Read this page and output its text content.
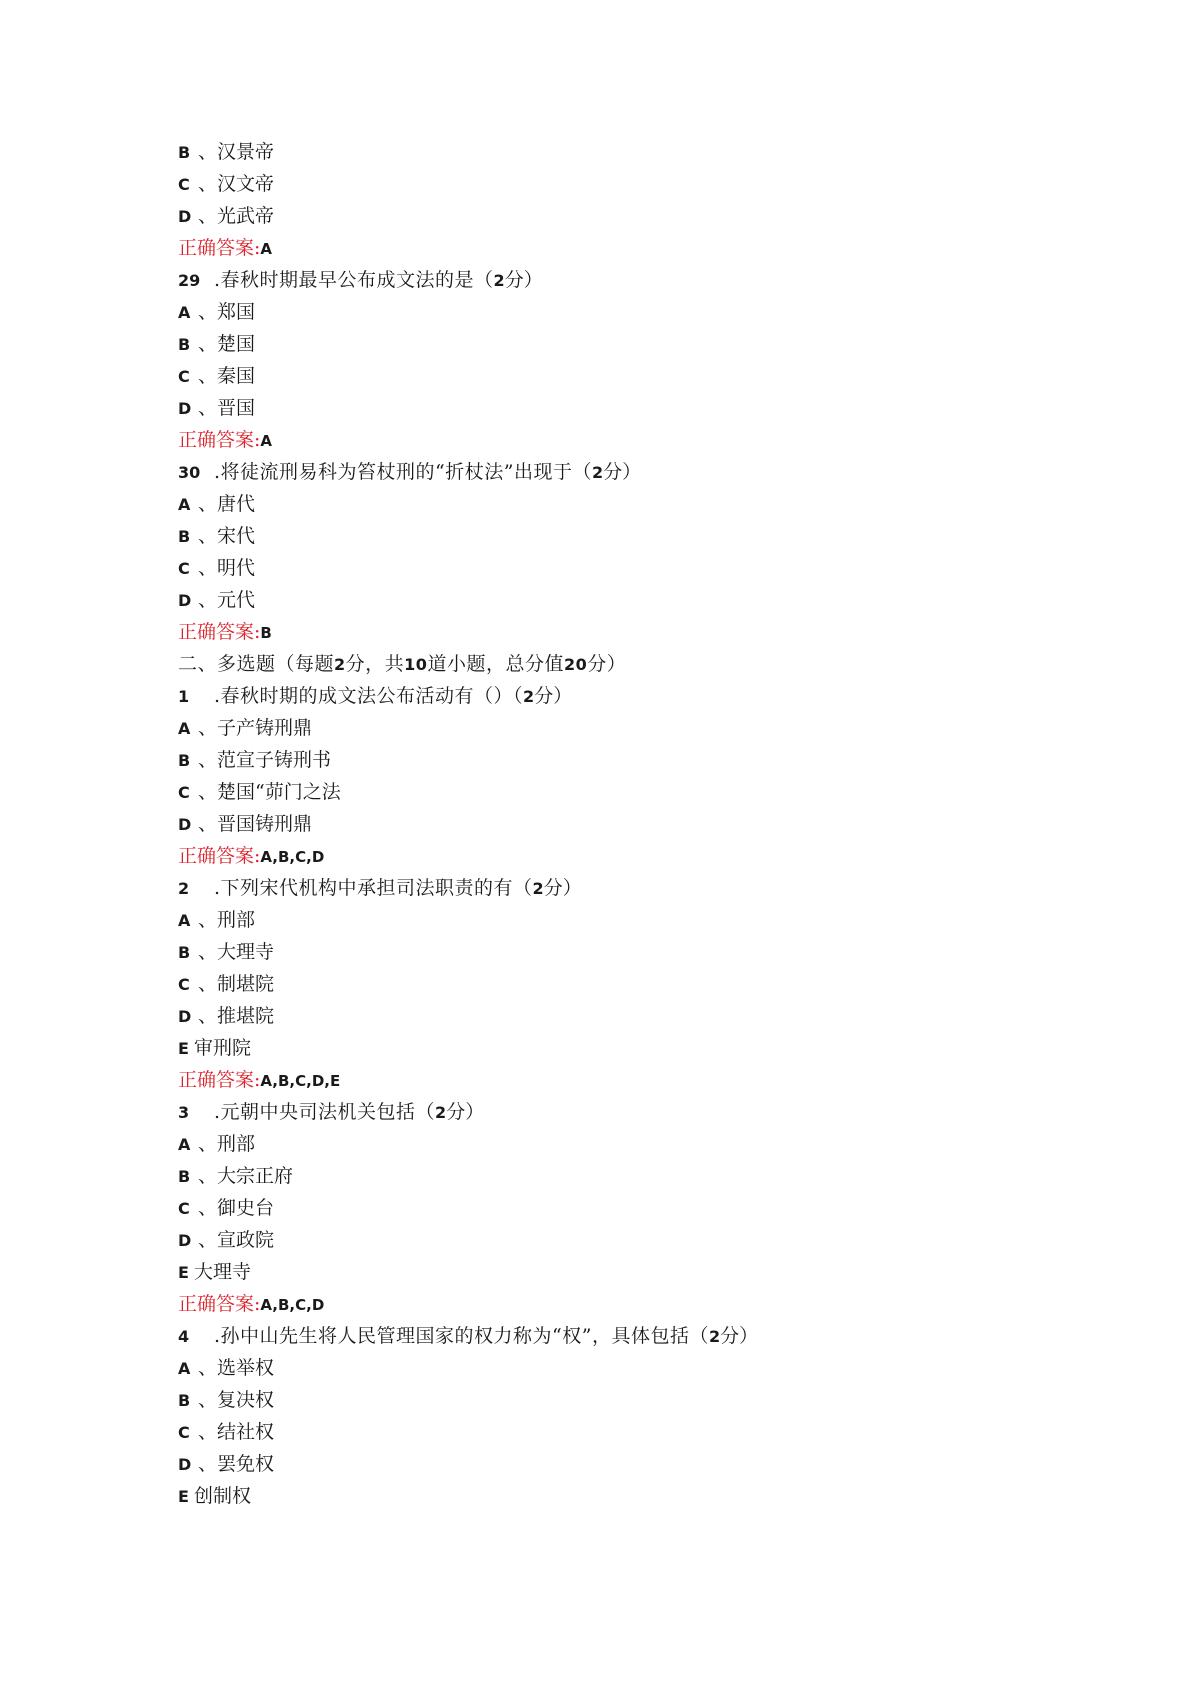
B 、汉景帝
C 、汉文帝
D 、光武帝
正确答案:A
29 .春秋时期最早公布成文法的是（2分）
A 、郑国
B 、楚国
C 、秦国
D 、晋国
正确答案:A
30 .将徒流刑易科为笞杖刑的“折杖法”出现于（2分）
A 、唐代
B 、宋代
C 、明代
D 、元代
正确答案:B
二、多选题（每题2分，共10道小题，总分值20分）
1 .春秋时期的成文法公布活动有（）（2分）
A 、子产铸刑鼎
B 、范宣子铸刑书
C 、楚国“茆门之法
D 、晋国铸刑鼎
正确答案:A,B,C,D
2 .下列宋代机构中承担司法职责的有（2分）
A 、刑部
B 、大理寺
C 、制堪院
D 、推堪院
E 审刑院
正确答案:A,B,C,D,E
3 .元朝中央司法机关包括（2分）
A 、刑部
B 、大宗正府
C 、御史台
D 、宣政院
E 大理寺
正确答案:A,B,C,D
4 .孙中山先生将人民管理国家的权力称为“权”，具体包括（2分）
A 、选举权
B 、复决权
C 、结社权
D 、罢免权
E 创制权
